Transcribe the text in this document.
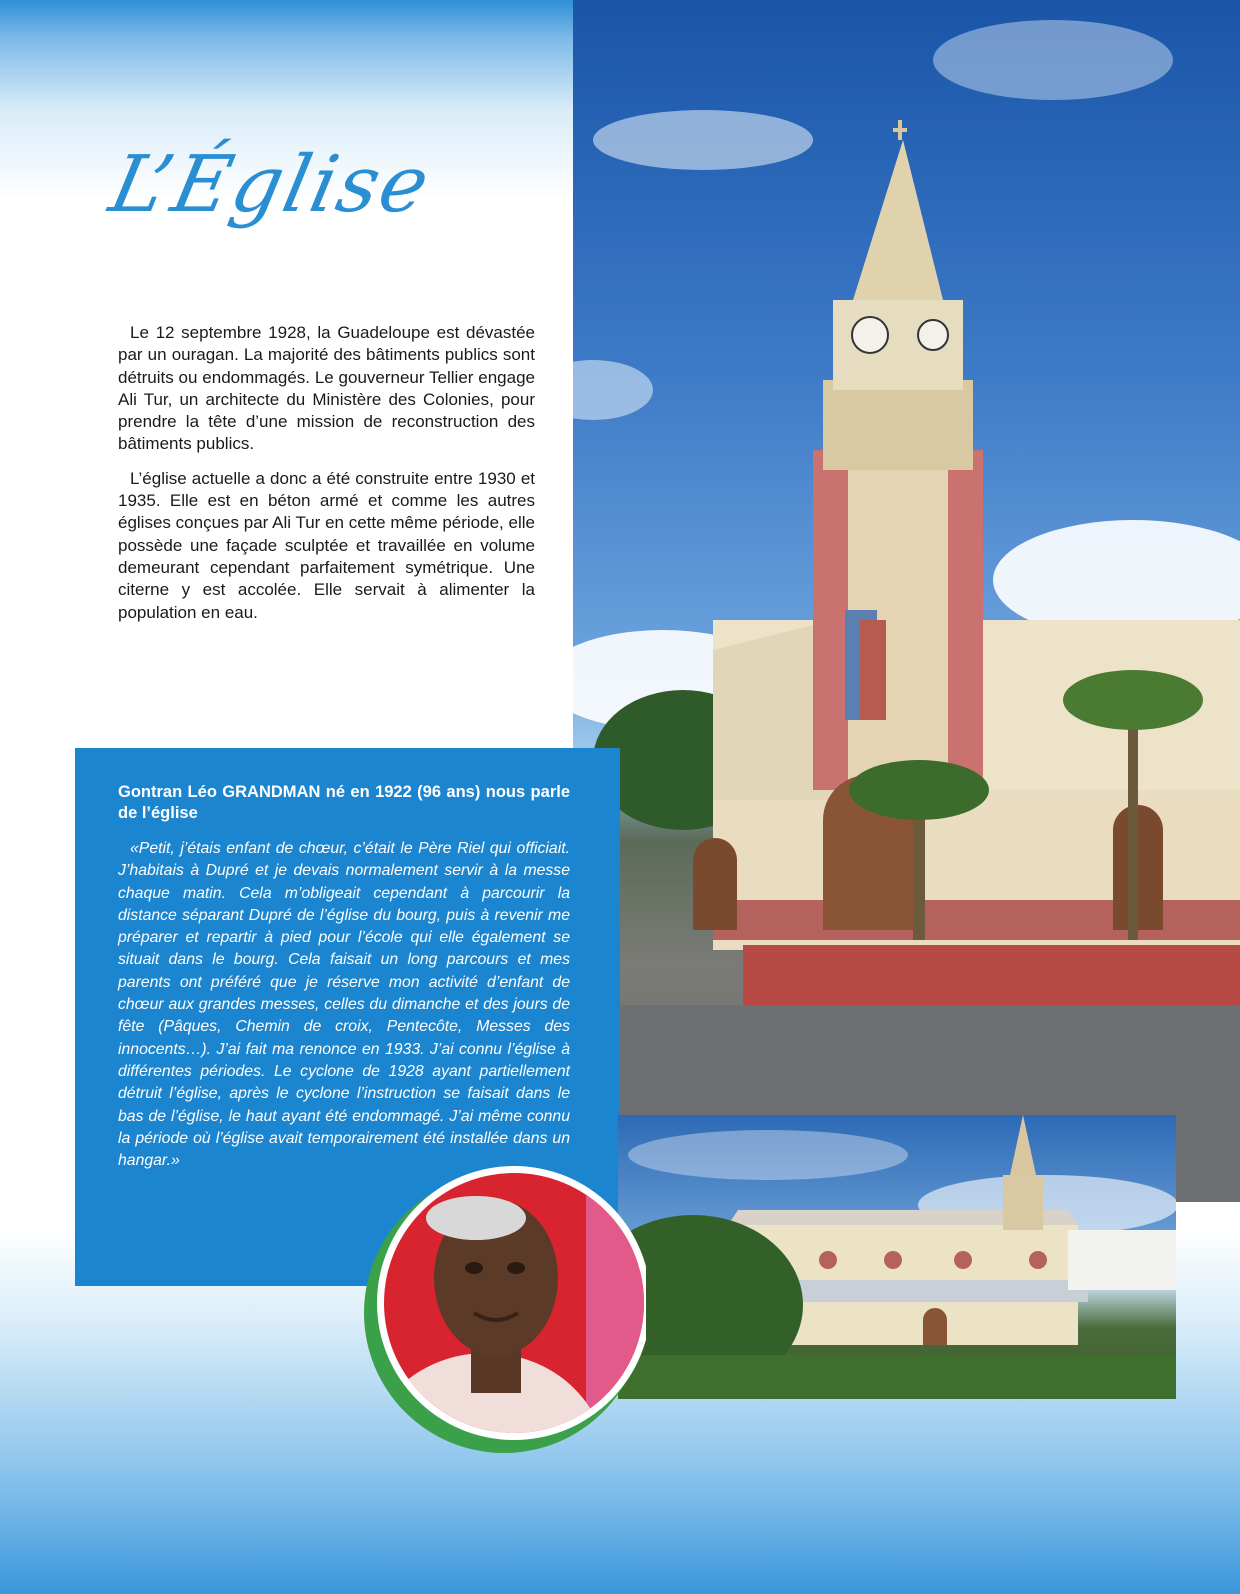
L’Église

Le 12 septembre 1928, la Guadeloupe est dévastée par un ouragan. La majorité des bâtiments publics sont détruits ou endommagés. Le gouverneur Tellier engage Ali Tur, un architecte du Ministère des Colonies, pour prendre la tête d’une mission de reconstruction des bâtiments publics.

L’église actuelle a donc a été construite entre 1930 et 1935. Elle est en béton armé et comme les autres églises conçues par Ali Tur en cette même période, elle possède une façade sculptée et travaillée en volume demeurant cependant parfaitement symétrique. Une citerne y est accolée. Elle servait à alimenter la population en eau.

Gontran Léo GRANDMAN né en 1922 (96 ans) nous parle de l’église

«Petit, j’étais enfant de chœur, c’était le Père Riel qui officiait. J’habitais à Dupré et je devais normalement servir à la messe chaque matin. Cela m’obligeait cependant à parcourir la distance séparant Dupré de l’église du bourg, puis à revenir me préparer et repartir à pied pour l’école qui elle également se situait dans le bourg. Cela faisait un long parcours et mes parents ont préféré que je réserve mon activité d’enfant de chœur aux grandes messes, celles du dimanche et des jours de fête (Pâques, Chemin de croix, Pentecôte, Messes des innocents…). J’ai fait ma renonce en 1933. J’ai connu l’église à différentes périodes. Le cyclone de 1928 ayant partiellement détruit l’église, après le cyclone l’instruction se faisait dans le bas de l’église, le haut ayant été endommagé. J’ai même connu la période où l’église avait temporairement été installée dans un hangar.»
